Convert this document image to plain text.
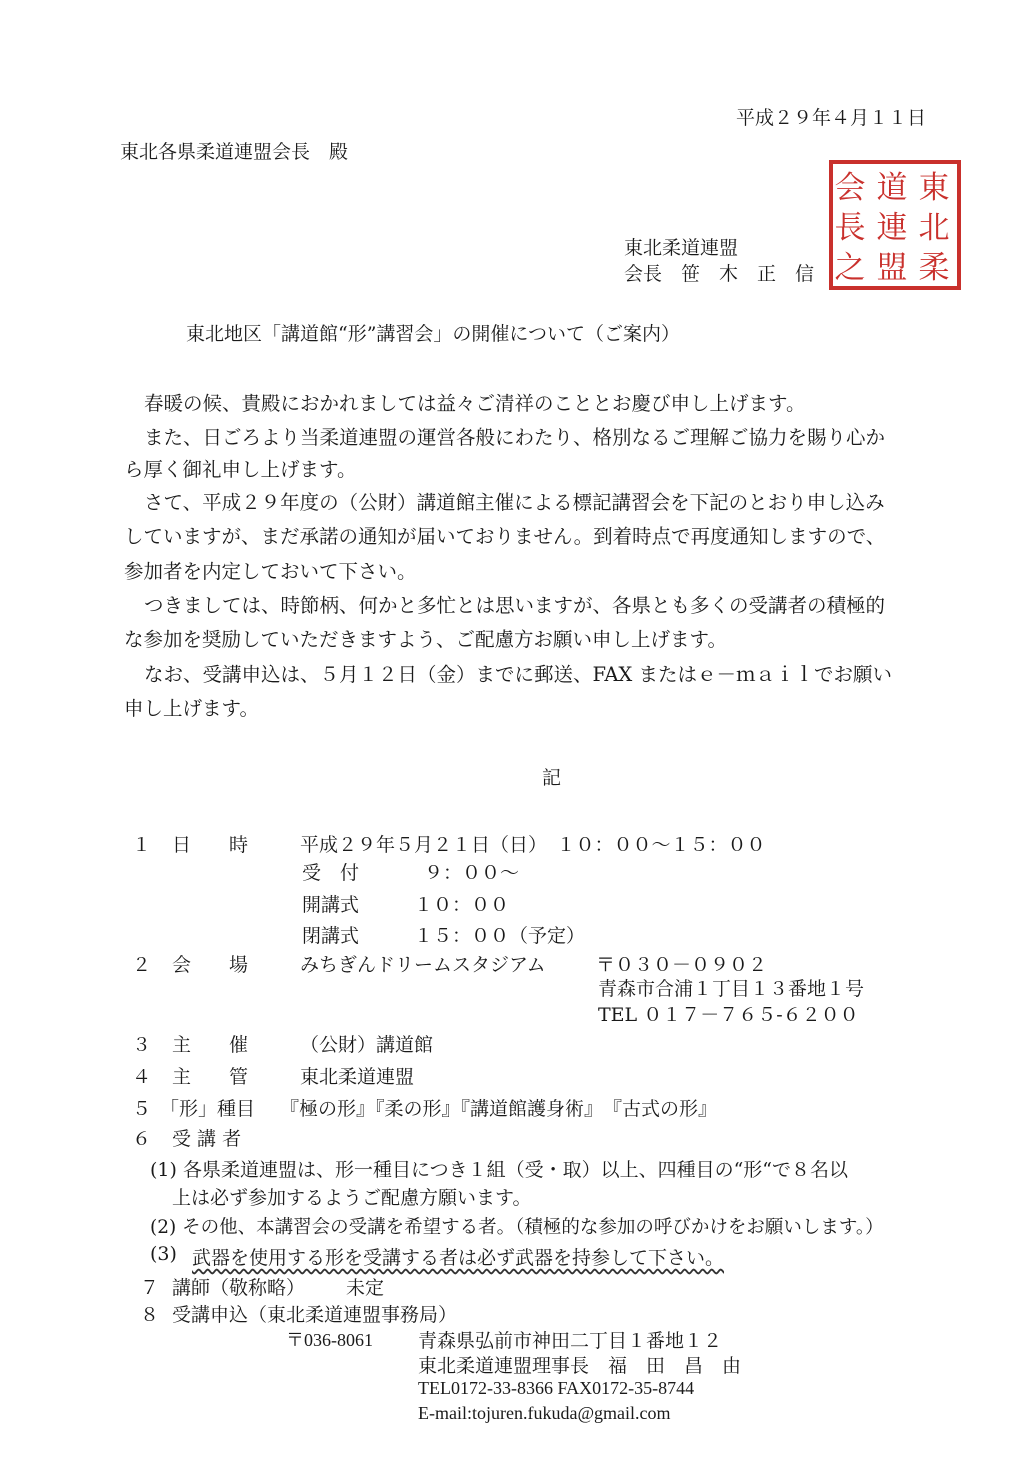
平成２９年４月１１日
東北各県柔道連盟会長　殿
東北柔道連盟
会長　笹　木　正　信
東北柔
道連盟
会長之
東北地区「講道館“形”講習会」の開催について（ご案内）
春暖の候、貴殿におかれましては益々ご清祥のこととお慶び申し上げます。
また、日ごろより当柔道連盟の運営各般にわたり、格別なるご理解ご協力を賜り心か
ら厚く御礼申し上げます。
さて、平成２９年度の（公財）講道館主催による標記講習会を下記のとおり申し込み
していますが、まだ承諾の通知が届いておりません。到着時点で再度通知しますので、
参加者を内定しておいて下さい。
つきましては、時節柄、何かと多忙とは思いますが、各県とも多くの受講者の積極的
な参加を奨励していただきますよう、ご配慮方お願い申し上げます。
なお、受講申込は、５月１２日（金）までに郵送、FAX またはｅ－ｍａｉｌでお願い
申し上げます。
記
１ 日　　時	平成２９年５月２１日（日）　１０：００～１５：００
受　付	９：００～
開講式	１０：００
閉講式	１５：００（予定）
２ 会　　場	みちぎんドリームスタジアム	〒０３０－０９０２
青森市合浦１丁目１３番地１号
TEL ０１７－７６５-６２００
３ 主　　催	（公財）講道館
４ 主　　管	東北柔道連盟
５ 「形」種目 『極の形』『柔の形』『講道館護身術』　『古式の形』
６ 受 講 者
(1) 各県柔道連盟は、形一種目につき１組（受・取）以上、四種目の“形“で８名以
上は必ず参加するようご配慮方願います。
(2) その他、本講習会の受講を希望する者。（積極的な参加の呼びかけをお願いします。）
(3) 武器を使用する形を受講する者は必ず武器を持参して下さい。
７ 講師（敬称略） 未定
８ 受講申込（東北柔道連盟事務局）
〒036-8061 青森県弘前市神田二丁目１番地１２
東北柔道連盟理事長　福　田　昌　由
TEL0172-33-8366 FAX0172-35-8744
E-mail:tojuren.fukuda@gmail.com
